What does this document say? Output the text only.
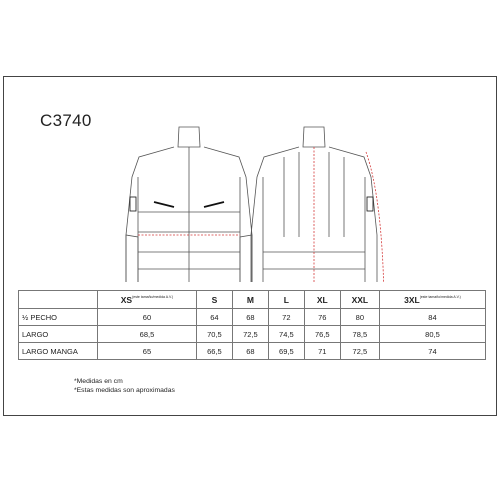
C3740
	$XS^{(este tamaño/medida A.V.)}$	S	M	L	XL	XXL	$3XL^{(este tamaño/medida A.V.)}$
½ PECHO	60	64	68	72	76	80	84
LARGO	68,5	70,5	72,5	74,5	76,5	78,5	80,5
LARGO MANGA	65	66,5	68	69,5	71	72,5	74
*Medidas en cm
*Estas medidas son aproximadas
